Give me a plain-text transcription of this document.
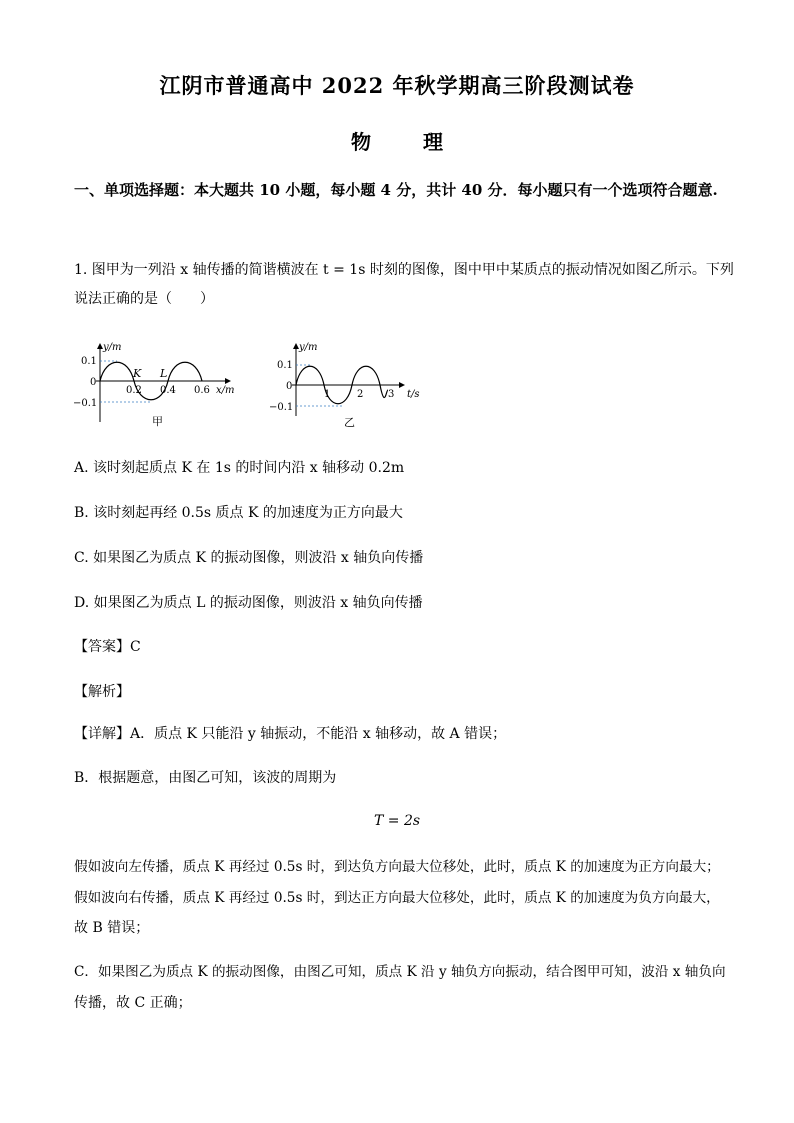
江阴市普通高中 2022 年秋学期高三阶段测试卷
物	理
一、单项选择题：本大题共 10 小题，每小题 4 分，共计 40 分．每小题只有一个选项符合题意.
1. 图甲为一列沿 x 轴传播的简谐横波在 t = 1s 时刻的图像，图中甲中某质点的振动情况如图乙所示。下列说法正确的是（　　）
y/m
0.1
0
−0.1
K L
0.2 0.4 0.6 x/m
甲
y/m
0.1
0
−0.1
1	2 3 t/s
乙
A. 该时刻起质点 K 在 1s 的时间内沿 x 轴移动 0.2m
B. 该时刻起再经 0.5s 质点 K 的加速度为正方向最大
C. 如果图乙为质点 K 的振动图像，则波沿 x 轴负向传播
D. 如果图乙为质点 L 的振动图像，则波沿 x 轴负向传播
【答案】C
【解析】
【详解】A．质点 K 只能沿 y 轴振动，不能沿 x 轴移动，故 A 错误；
B．根据题意，由图乙可知，该波的周期为
T = 2s
假如波向左传播，质点 K 再经过 0.5s 时，到达负方向最大位移处，此时，质点 K 的加速度为正方向最大；
假如波向右传播，质点 K 再经过 0.5s 时，到达正方向最大位移处，此时，质点 K 的加速度为负方向最大，
故 B 错误；
C．如果图乙为质点 K 的振动图像，由图乙可知，质点 K 沿 y 轴负方向振动，结合图甲可知，波沿 x 轴负向
传播，故 C 正确；
